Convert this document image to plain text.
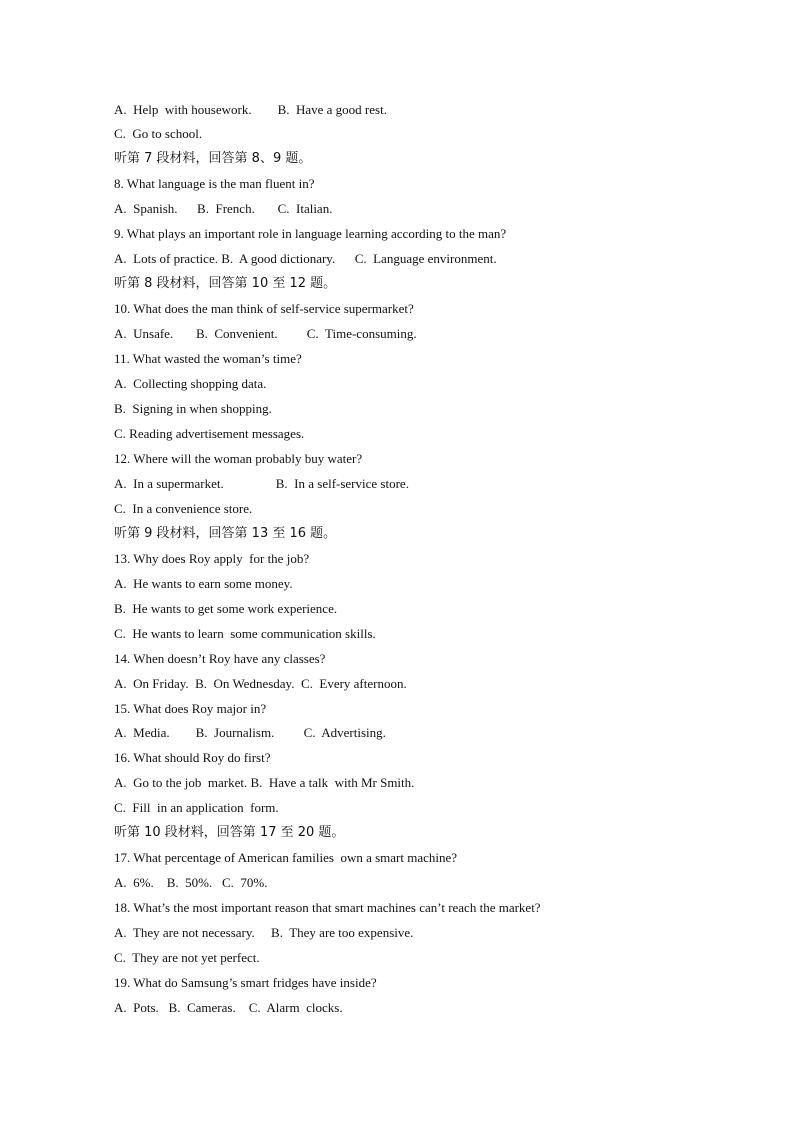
A.  Help  with housework.        B.  Have a good rest.
C.  Go to school.
听第 7 段材料，回答第 8、9 题。
8. What language is the man fluent in?
A.  Spanish.      B.  French.       C.  Italian.
9. What plays an important role in language learning according to the man?
A.  Lots of practice. B.  A good dictionary.      C.  Language environment.
听第 8 段材料，回答第 10 至 12 题。
10. What does the man think of self-service supermarket?
A.  Unsafe.       B.  Convenient.         C.  Time-consuming.
11. What wasted the woman’s time?
A.  Collecting shopping data.
B.  Signing in when shopping.
C. Reading advertisement messages.
12. Where will the woman probably buy water?
A.  In a supermarket.                B.  In a self-service store.
C.  In a convenience store.
听第 9 段材料，回答第 13 至 16 题。
13. Why does Roy apply  for the job?
A.  He wants to earn some money.
B.  He wants to get some work experience.
C.  He wants to learn  some communication skills.
14. When doesn’t Roy have any classes?
A.  On Friday.  B.  On Wednesday.  C.  Every afternoon.
15. What does Roy major in?
A.  Media.        B.  Journalism.         C.  Advertising.
16. What should Roy do first?
A.  Go to the job  market. B.  Have a talk  with Mr Smith.
C.  Fill  in an application  form.
听第 10 段材料，回答第 17 至 20 题。
17. What percentage of American families  own a smart machine?
A.  6%.    B.  50%.   C.  70%.
18. What’s the most important reason that smart machines can’t reach the market?
A.  They are not necessary.     B.  They are too expensive.
C.  They are not yet perfect.
19. What do Samsung’s smart fridges have inside?
A.  Pots.   B.  Cameras.    C.  Alarm  clocks.
